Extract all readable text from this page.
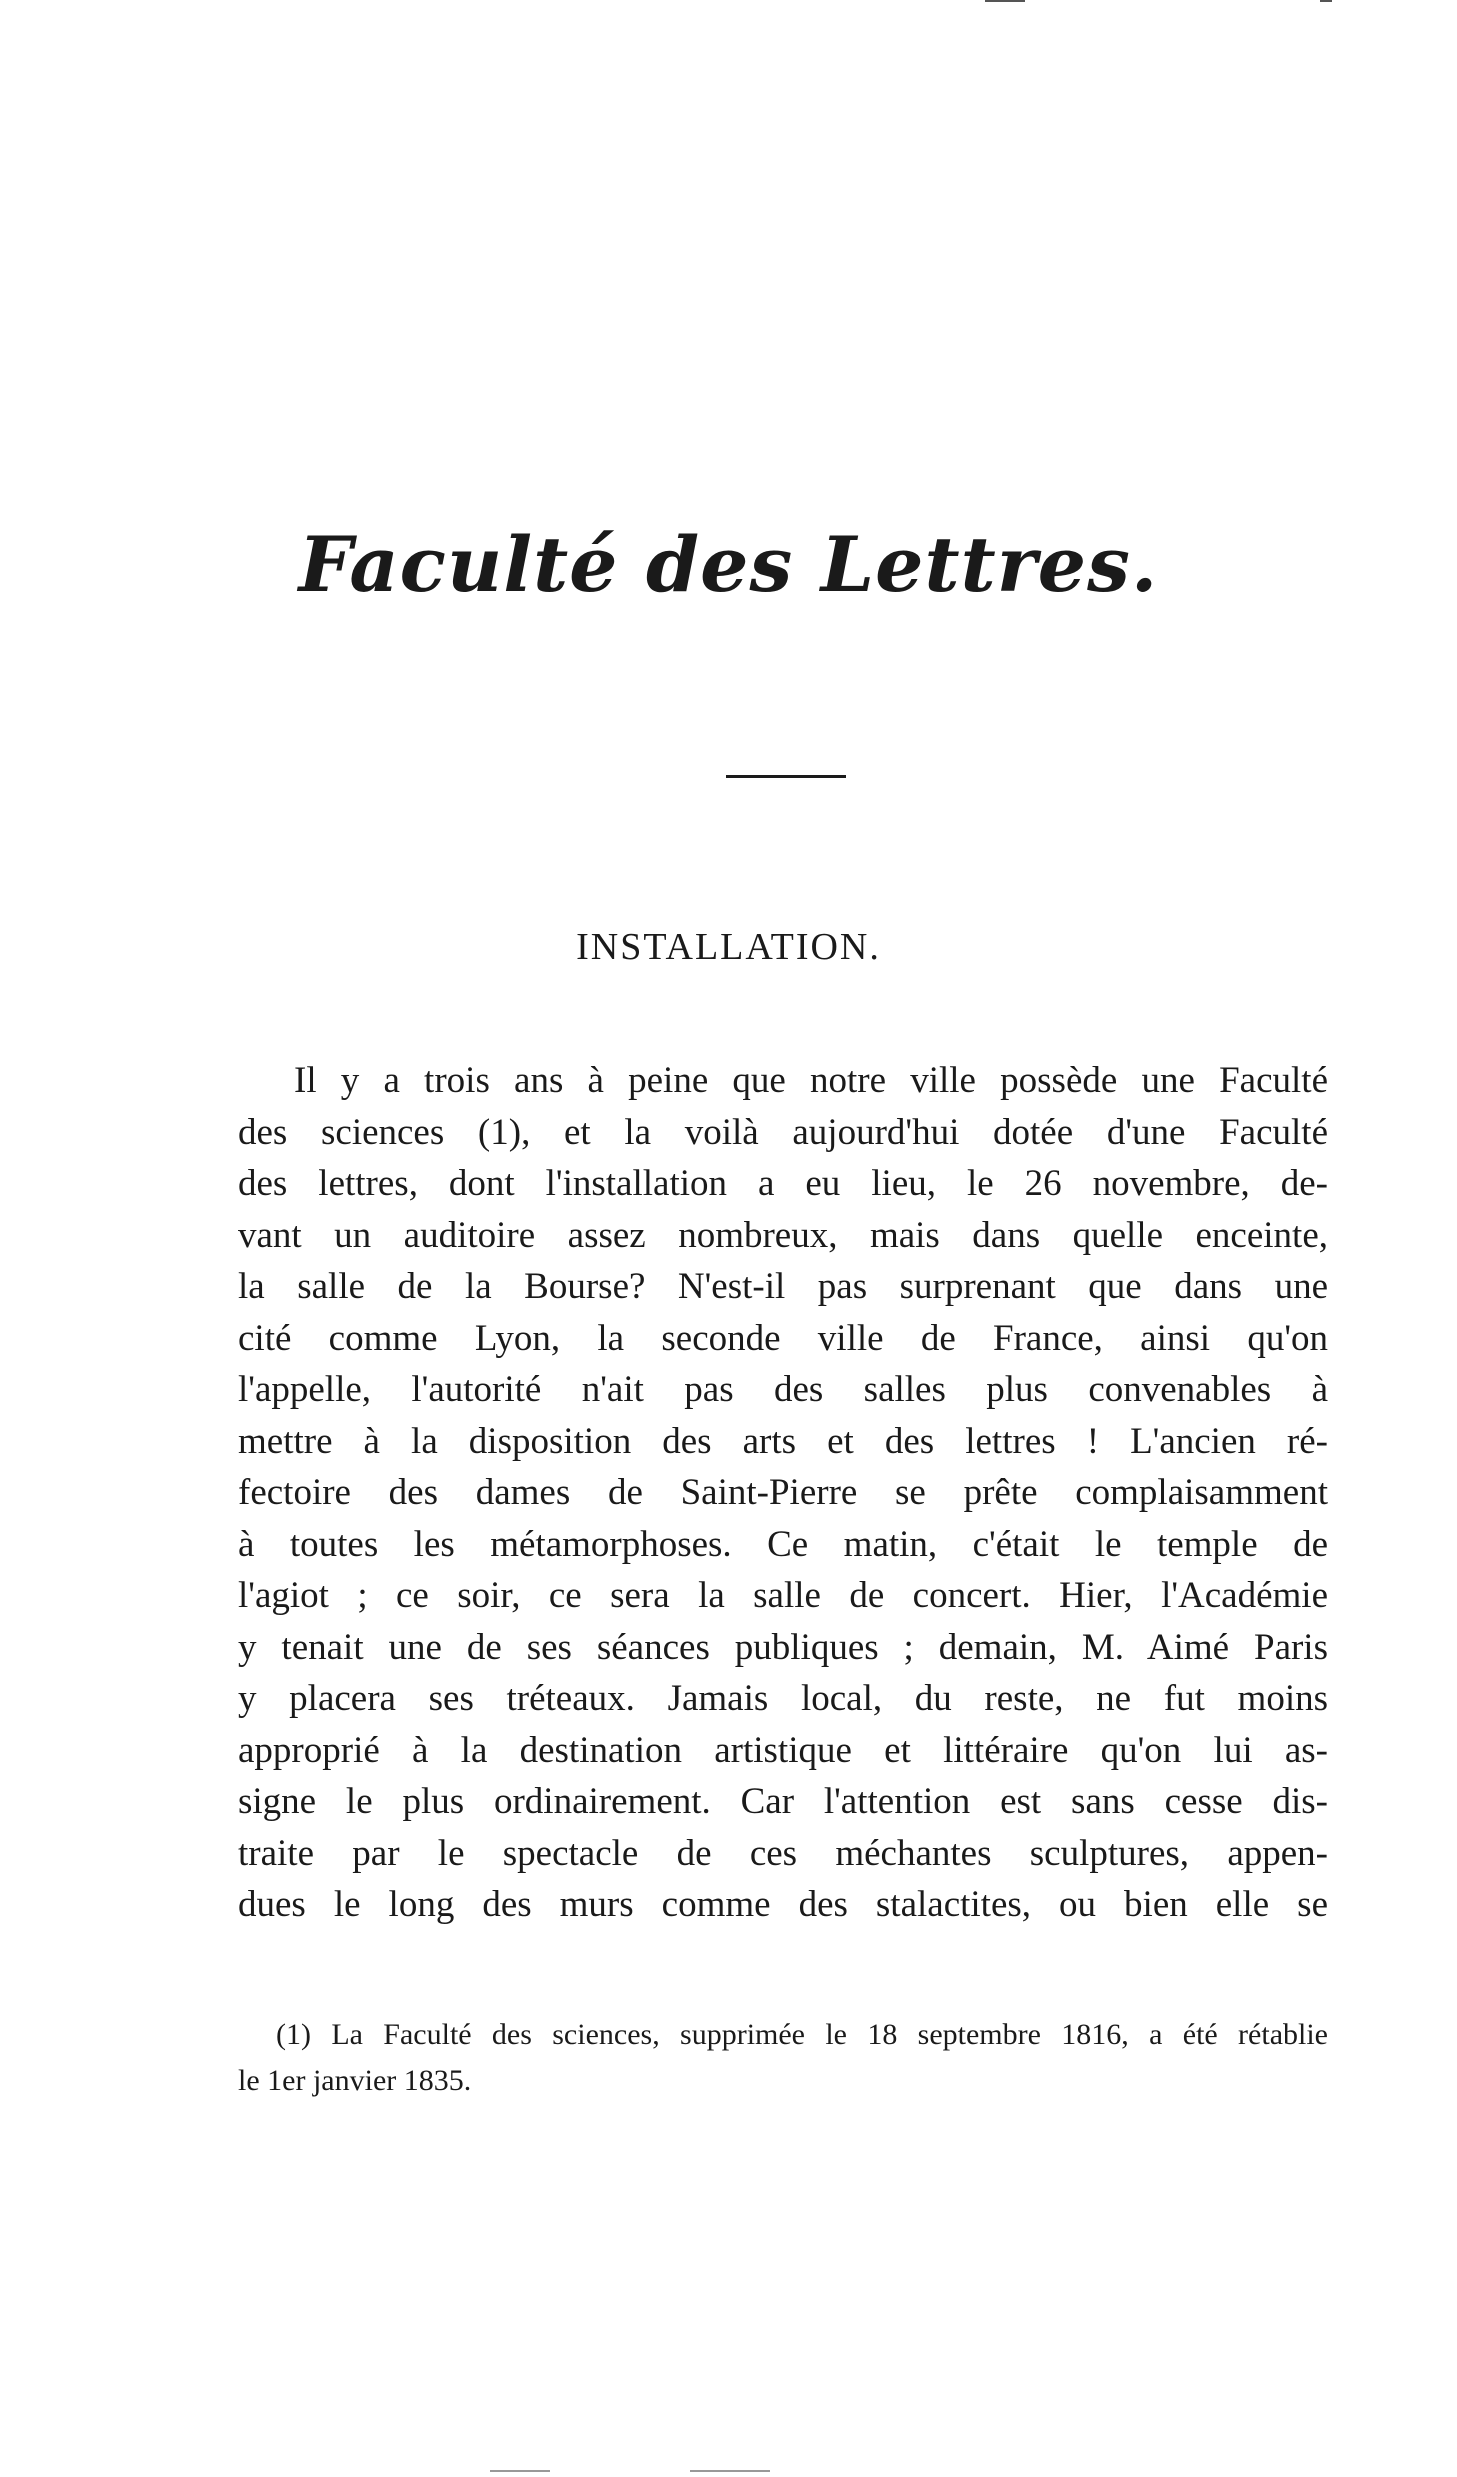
Faculté des Lettres.
INSTALLATION.
Il y a trois ans à peine que notre ville possède une Faculté
des sciences (1), et la voilà aujourd'hui dotée d'une Faculté
des lettres, dont l'installation a eu lieu, le 26 novembre, de-
vant un auditoire assez nombreux, mais dans quelle enceinte,
la salle de la Bourse? N'est-il pas surprenant que dans une
cité comme Lyon, la seconde ville de France, ainsi qu'on
l'appelle, l'autorité n'ait pas des salles plus convenables à
mettre à la disposition des arts et des lettres ! L'ancien ré-
fectoire des dames de Saint-Pierre se prête complaisamment
à toutes les métamorphoses. Ce matin, c'était le temple de
l'agiot ; ce soir, ce sera la salle de concert. Hier, l'Académie
y tenait une de ses séances publiques ; demain, M. Aimé Paris
y placera ses tréteaux. Jamais local, du reste, ne fut moins
approprié à la destination artistique et littéraire qu'on lui as-
signe le plus ordinairement. Car l'attention est sans cesse dis-
traite par le spectacle de ces méchantes sculptures, appen-
dues le long des murs comme des stalactites, ou bien elle se
(1) La Faculté des sciences, supprimée le 18 septembre 1816, a été rétablie
le 1er janvier 1835.
